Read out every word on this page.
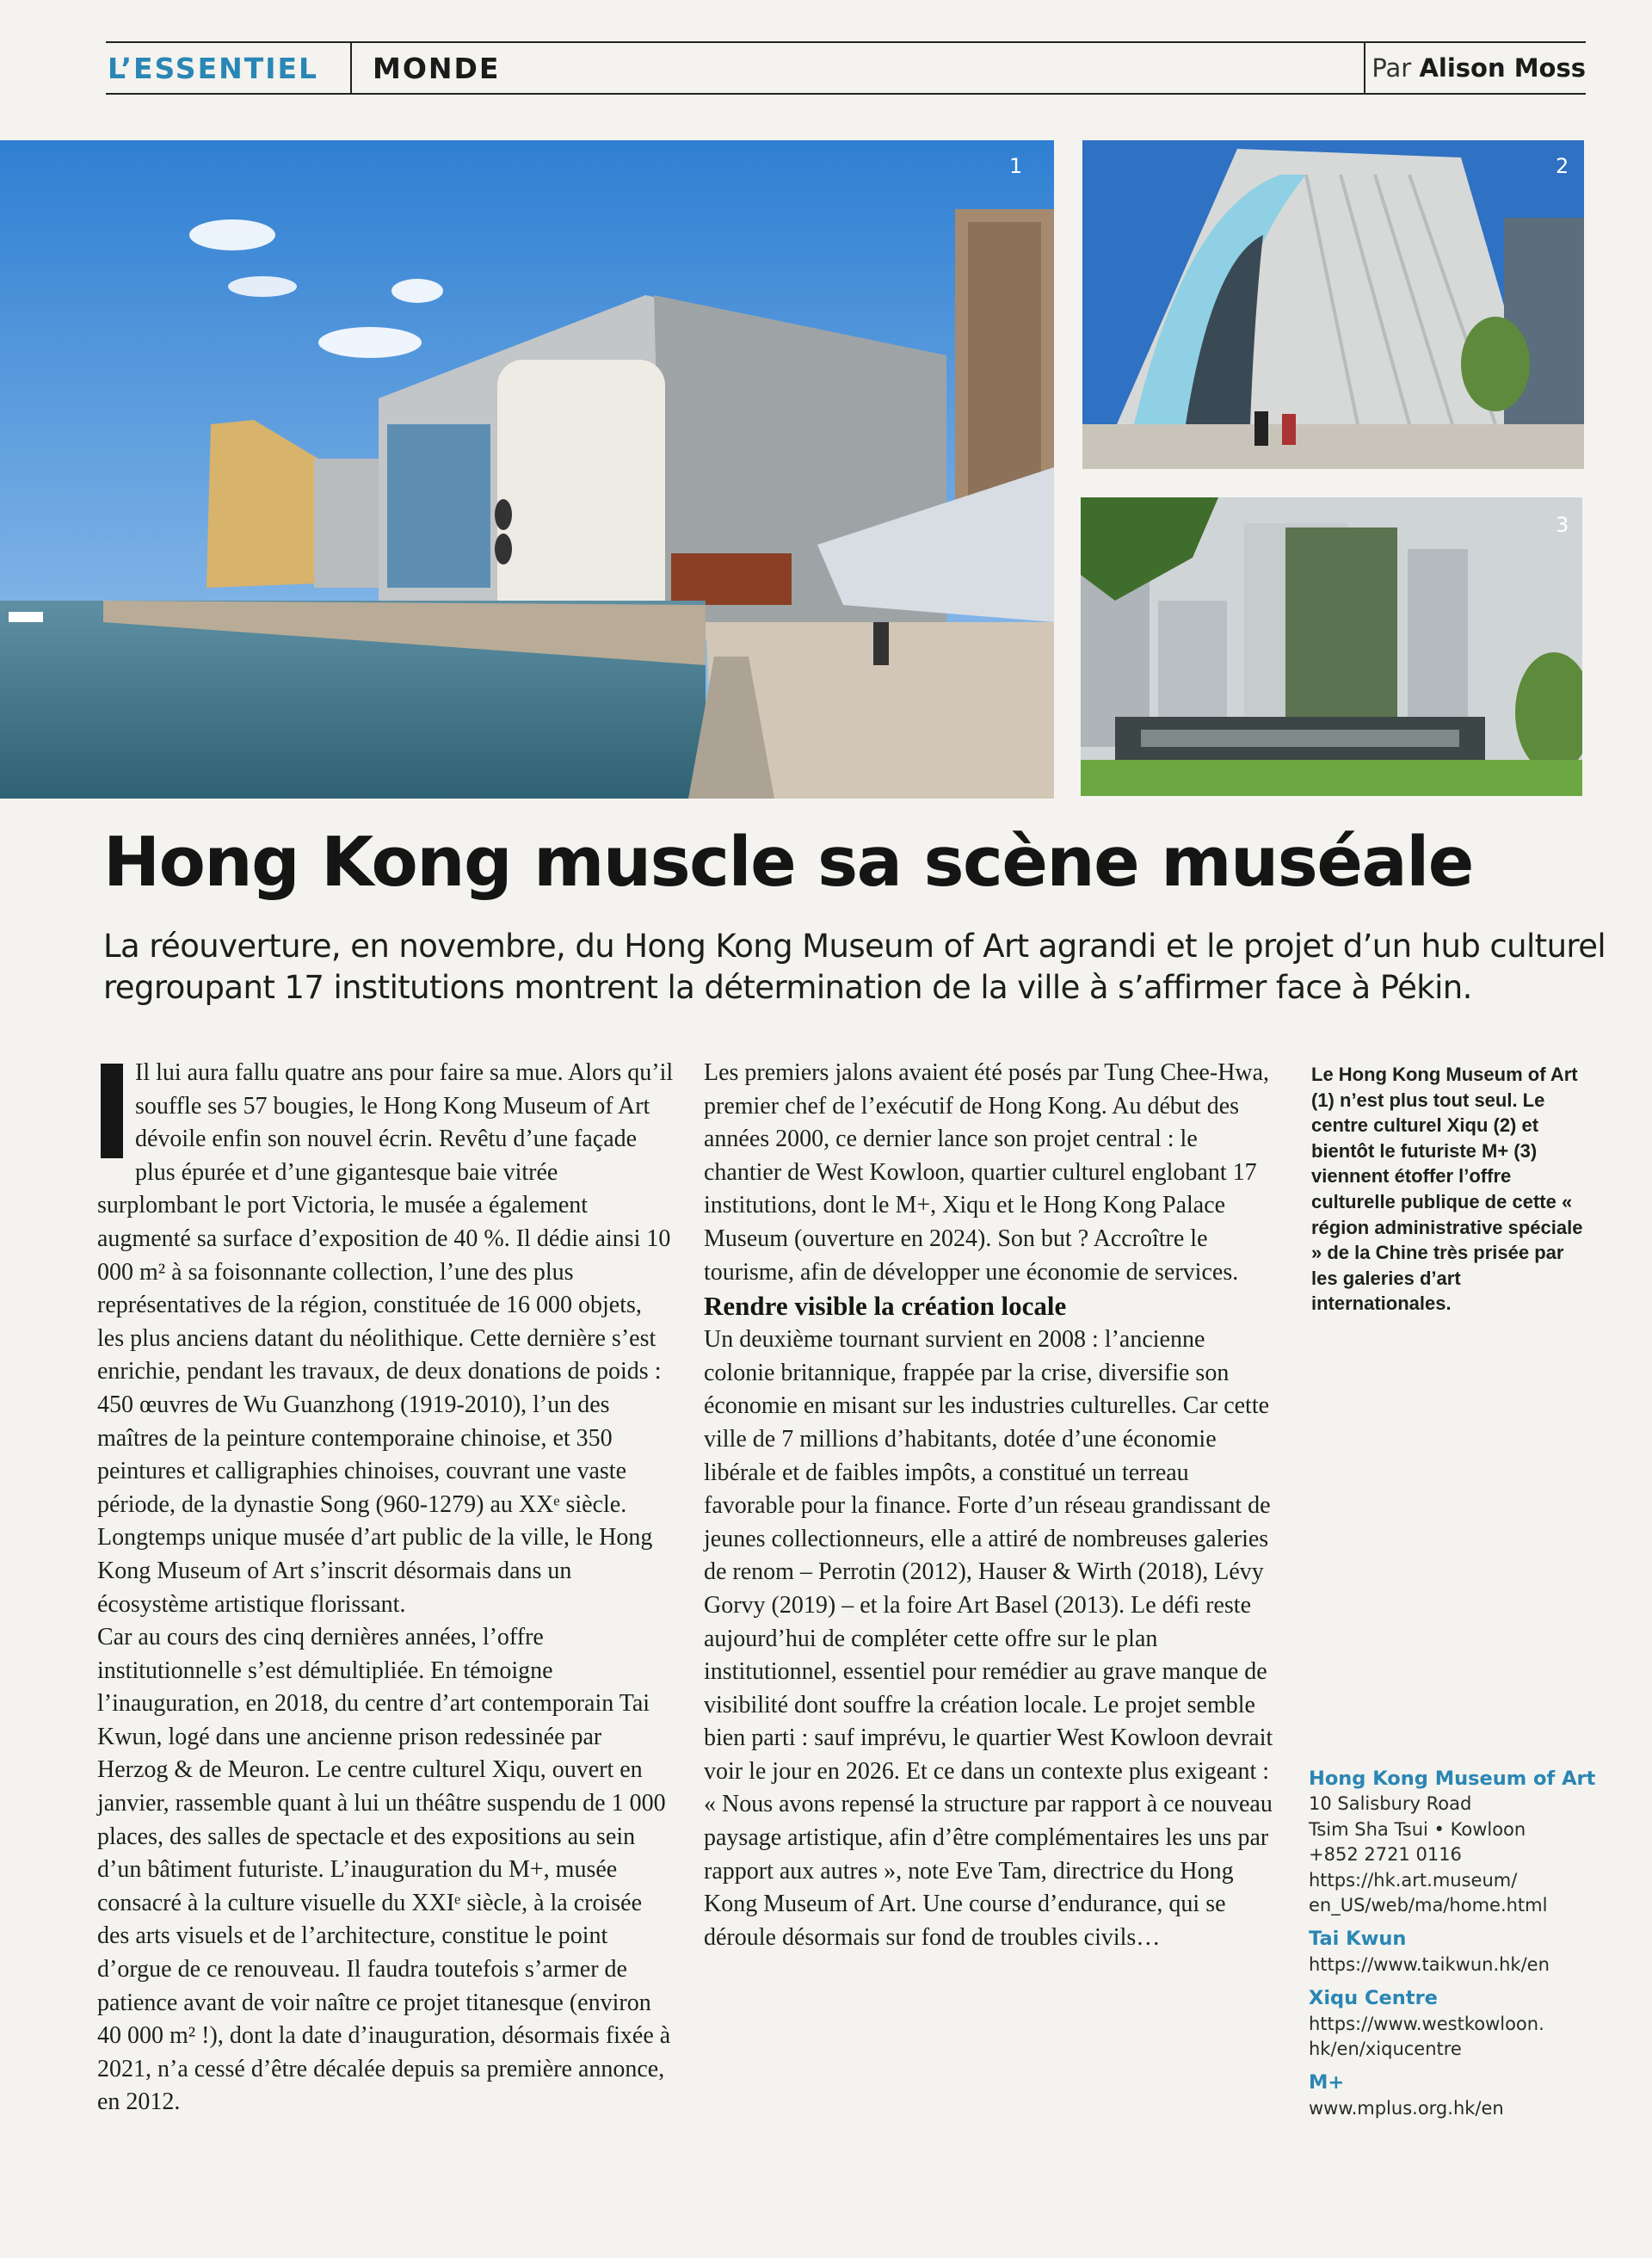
L’ESSENTIEL MONDE	Par Alison Moss
1	2
3
Hong Kong muscle sa scène muséale

La réouverture, en novembre, du Hong Kong Museum of Art agrandi et le projet d’un hub culturel regroupant 17 institutions montrent la détermination de la ville à s’affirmer face à Pékin.

Il lui aura fallu quatre ans pour faire sa mue. Alors qu’il souffle ses 57 bougies, le Hong Kong Museum of Art dévoile enfin son nouvel écrin. Revêtu d’une façade plus épurée et d’une gigantesque baie vitrée surplombant le port Victoria, le musée a également augmenté sa surface d’exposition de 40 %. Il dédie ainsi 10 000 m² à sa foisonnante collection, l’une des plus représentatives de la région, constituée de 16 000 objets, les plus anciens datant du néolithique. Cette dernière s’est enrichie, pendant les travaux, de deux donations de poids : 450 œuvres de Wu Guanzhong (1919-2010), l’un des maîtres de la peinture contemporaine chinoise, et 350 peintures et calligraphies chinoises, couvrant une vaste période, de la dynastie Song (960-1279) au XXᵉ siècle. Longtemps unique musée d’art public de la ville, le Hong Kong Museum of Art s’inscrit désormais dans un écosystème artistique florissant.

Car au cours des cinq dernières années, l’offre institutionnelle s’est démultipliée. En témoigne l’inauguration, en 2018, du centre d’art contemporain Tai Kwun, logé dans une ancienne prison redessinée par Herzog & de Meuron. Le centre culturel Xiqu, ouvert en janvier, rassemble quant à lui un théâtre suspendu de 1 000 places, des salles de spectacle et des expositions au sein d’un bâtiment futuriste. L’inauguration du M+, musée consacré à la culture visuelle du XXIᵉ siècle, à la croisée des arts visuels et de l’architecture, constitue le point d’orgue de ce renouveau. Il faudra toutefois s’armer de patience avant de voir naître ce projet titanesque (environ 40 000 m² !), dont la date d’inauguration, désormais fixée à 2021, n’a cessé d’être décalée depuis sa première annonce, en 2012.

Les premiers jalons avaient été posés par Tung Chee-Hwa, premier chef de l’exécutif de Hong Kong. Au début des années 2000, ce dernier lance son projet central : le chantier de West Kowloon, quartier culturel englobant 17 institutions, dont le M+, Xiqu et le Hong Kong Palace Museum (ouverture en 2024). Son but ? Accroître le tourisme, afin de développer une économie de services.

Rendre visible la création locale

Un deuxième tournant survient en 2008 : l’ancienne colonie britannique, frappée par la crise, diversifie son économie en misant sur les industries culturelles. Car cette ville de 7 millions d’habitants, dotée d’une économie libérale et de faibles impôts, a constitué un terreau favorable pour la finance. Forte d’un réseau grandissant de jeunes collectionneurs, elle a attiré de nombreuses galeries de renom – Perrotin (2012), Hauser & Wirth (2018), Lévy Gorvy (2019) – et la foire Art Basel (2013). Le défi reste aujourd’hui de compléter cette offre sur le plan institutionnel, essentiel pour remédier au grave manque de visibilité dont souffre la création locale. Le projet semble bien parti : sauf imprévu, le quartier West Kowloon devrait voir le jour en 2026. Et ce dans un contexte plus exigeant : « Nous avons repensé la structure par rapport à ce nouveau paysage artistique, afin d’être complémentaires les uns par rapport aux autres », note Eve Tam, directrice du Hong Kong Museum of Art. Une course d’endurance, qui se déroule désormais sur fond de troubles civils…

Le Hong Kong Museum of Art (1) n’est plus tout seul. Le centre culturel Xiqu (2) et bientôt le futuriste M+ (3) viennent étoffer l’offre culturelle publique de cette « région administrative spéciale » de la Chine très prisée par les galeries d’art internationales.

Hong Kong Museum of Art
10 Salisbury Road
Tsim Sha Tsui • Kowloon
+852 2721 0116
https://hk.art.museum/
en_US/web/ma/home.html
Tai Kwun
https://www.taikwun.hk/en
Xiqu Centre
https://www.westkowloon.
hk/en/xiqucentre
M+
www.mplus.org.hk/en
